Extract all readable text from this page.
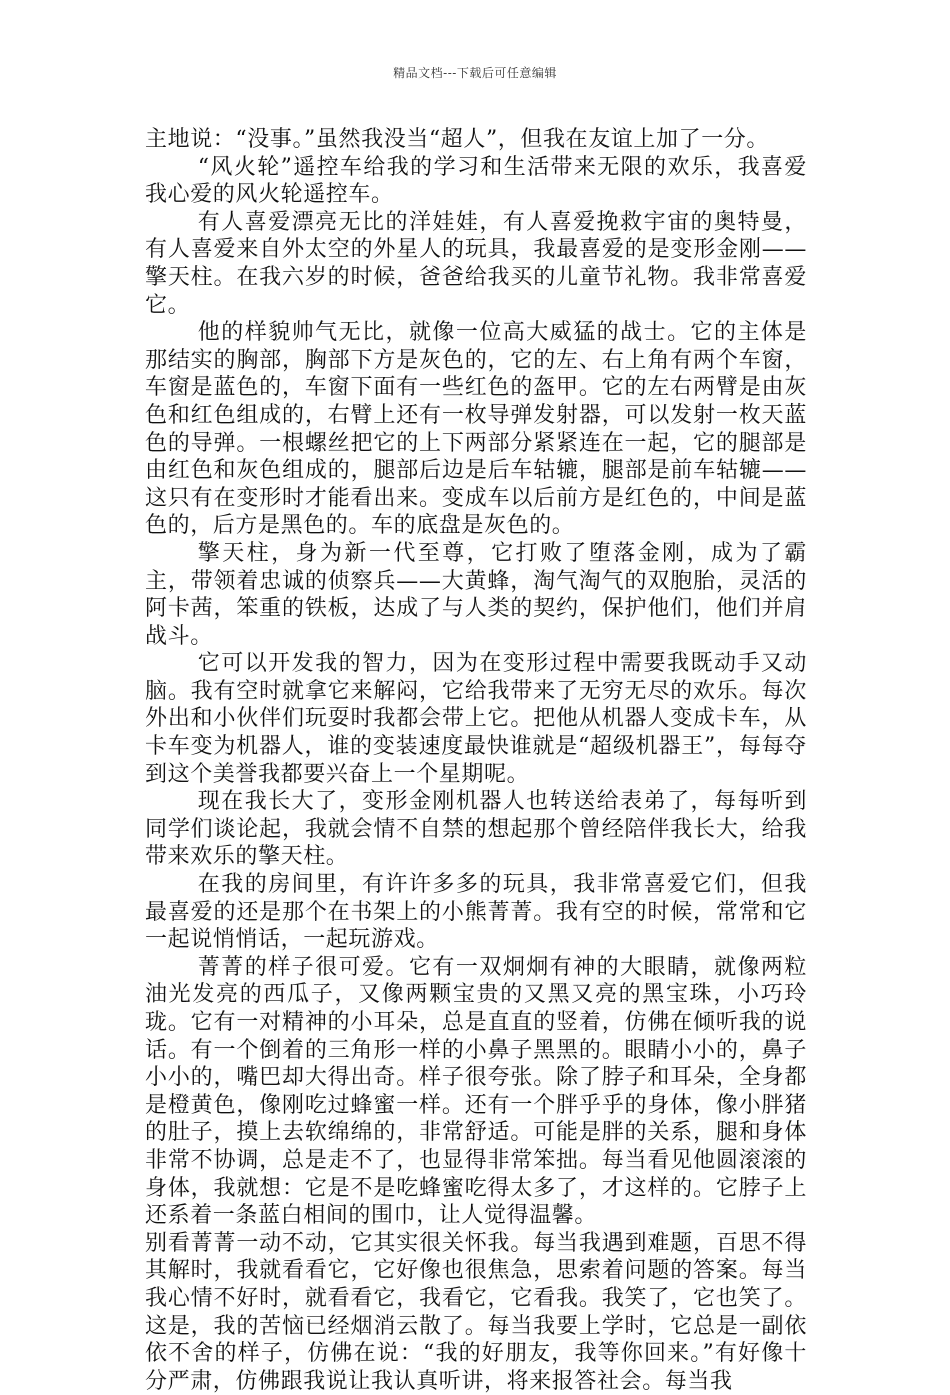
精品文档---下载后可任意编辑

主地说：“没事。”虽然我没当“超人”，但我在友谊上加了一分。

“风火轮”遥控车给我的学习和生活带来无限的欢乐，我喜爱我心爱的风火轮遥控车。

有人喜爱漂亮无比的洋娃娃，有人喜爱挽救宇宙的奥特曼，有人喜爱来自外太空的外星人的玩具，我最喜爱的是变形金刚——擎天柱。在我六岁的时候，爸爸给我买的儿童节礼物。我非常喜爱它。

他的样貌帅气无比，就像一位高大威猛的战士。它的主体是那结实的胸部，胸部下方是灰色的，它的左、右上角有两个车窗，车窗是蓝色的，车窗下面有一些红色的盔甲。它的左右两臂是由灰色和红色组成的，右臂上还有一枚导弹发射器，可以发射一枚天蓝色的导弹。一根螺丝把它的上下两部分紧紧连在一起，它的腿部是由红色和灰色组成的，腿部后边是后车轱辘，腿部是前车轱辘——这只有在变形时才能看出来。变成车以后前方是红色的，中间是蓝色的，后方是黑色的。车的底盘是灰色的。

擎天柱，身为新一代至尊，它打败了堕落金刚，成为了霸主，带领着忠诚的侦察兵——大黄蜂，淘气淘气的双胞胎，灵活的阿卡茜，笨重的铁板，达成了与人类的契约，保护他们，他们并肩战斗。

它可以开发我的智力，因为在变形过程中需要我既动手又动脑。我有空时就拿它来解闷，它给我带来了无穷无尽的欢乐。每次外出和小伙伴们玩耍时我都会带上它。把他从机器人变成卡车，从卡车变为机器人，谁的变装速度最快谁就是“超级机器王”，每每夺到这个美誉我都要兴奋上一个星期呢。

现在我长大了，变形金刚机器人也转送给表弟了，每每听到同学们谈论起，我就会情不自禁的想起那个曾经陪伴我长大，给我带来欢乐的擎天柱。

在我的房间里，有许许多多的玩具，我非常喜爱它们，但我最喜爱的还是那个在书架上的小熊菁菁。我有空的时候，常常和它一起说悄悄话，一起玩游戏。

菁菁的样子很可爱。它有一双炯炯有神的大眼睛，就像两粒油光发亮的西瓜子，又像两颗宝贵的又黑又亮的黑宝珠，小巧玲珑。它有一对精神的小耳朵，总是直直的竖着，仿佛在倾听我的说话。有一个倒着的三角形一样的小鼻子黑黑的。眼睛小小的，鼻子小小的，嘴巴却大得出奇。样子很夸张。除了脖子和耳朵，全身都是橙黄色，像刚吃过蜂蜜一样。还有一个胖乎乎的身体，像小胖猪的肚子，摸上去软绵绵的，非常舒适。可能是胖的关系，腿和身体非常不协调，总是走不了，也显得非常笨拙。每当看见他圆滚滚的身体，我就想：它是不是吃蜂蜜吃得太多了，才这样的。它脖子上还系着一条蓝白相间的围巾，让人觉得温馨。

别看菁菁一动不动，它其实很关怀我。每当我遇到难题，百思不得其解时，我就看看它，它好像也很焦急，思索着问题的答案。每当我心情不好时，就看看它，我看它，它看我。我笑了，它也笑了。这是，我的苦恼已经烟消云散了。每当我要上学时，它总是一副依依不舍的样子，仿佛在说：“我的好朋友，我等你回来。”有好像十分严肃，仿佛跟我说让我认真听讲，将来报答社会。每当我
